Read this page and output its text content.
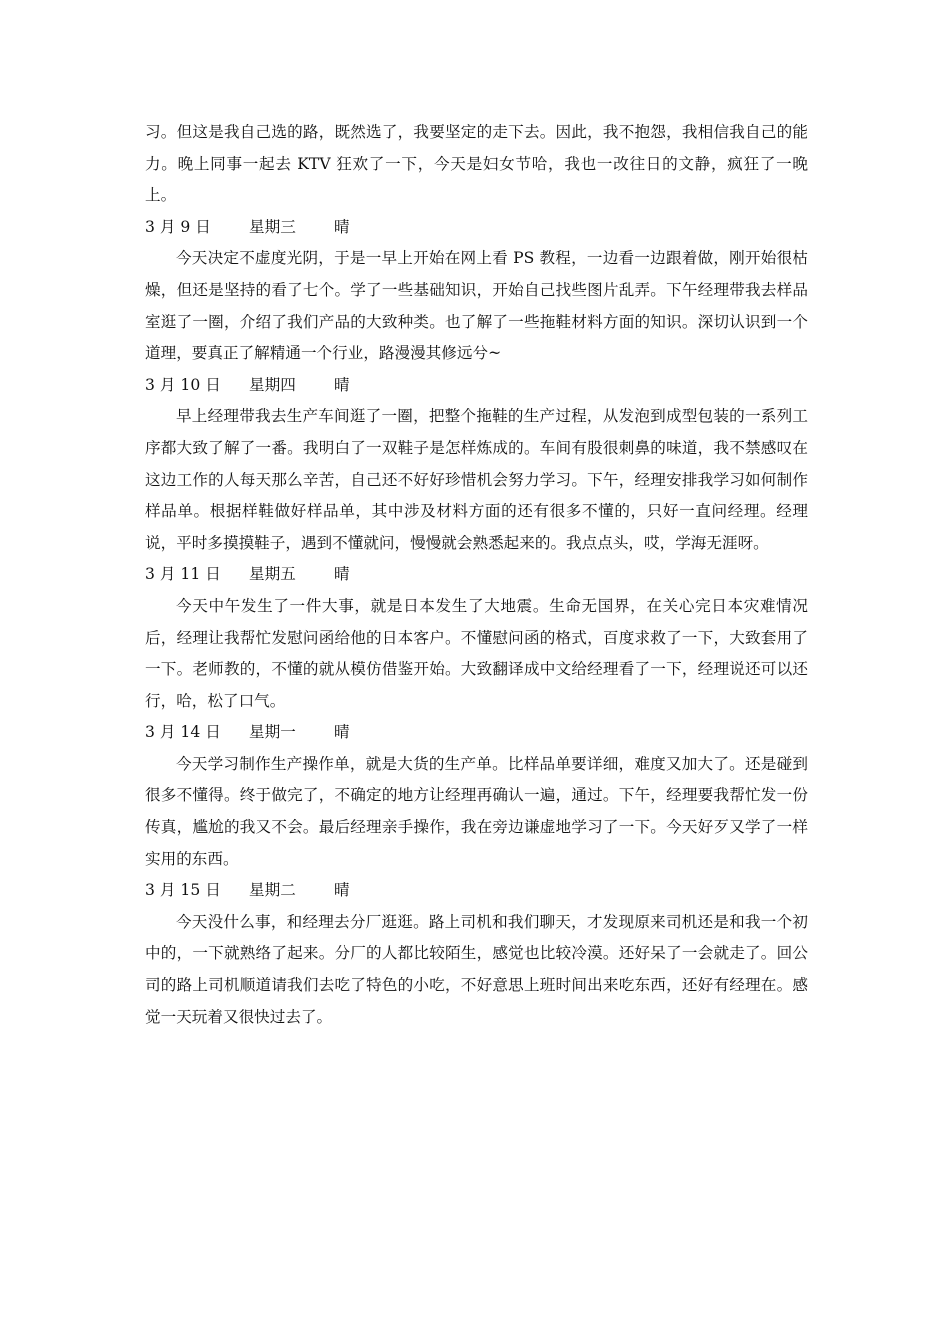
习。但这是我自己选的路，既然选了，我要坚定的走下去。因此，我不抱怨，我相信我自己的能力。晚上同事一起去 KTV 狂欢了一下，今天是妇女节哈，我也一改往日的文静，疯狂了一晚上。

3 月 9 日 星期三 晴

今天决定不虚度光阴，于是一早上开始在网上看 PS 教程，一边看一边跟着做，刚开始很枯燥，但还是坚持的看了七个。学了一些基础知识，开始自己找些图片乱弄。下午经理带我去样品室逛了一圈，介绍了我们产品的大致种类。也了解了一些拖鞋材料方面的知识。深切认识到一个道理，要真正了解精通一个行业，路漫漫其修远兮~

3 月 10 日 星期四 晴

早上经理带我去生产车间逛了一圈，把整个拖鞋的生产过程，从发泡到成型包装的一系列工序都大致了解了一番。我明白了一双鞋子是怎样炼成的。车间有股很刺鼻的味道，我不禁感叹在这边工作的人每天那么辛苦，自己还不好好珍惜机会努力学习。下午，经理安排我学习如何制作样品单。根据样鞋做好样品单，其中涉及材料方面的还有很多不懂的，只好一直问经理。经理说，平时多摸摸鞋子，遇到不懂就问，慢慢就会熟悉起来的。我点点头，哎，学海无涯呀。

3 月 11 日 星期五 晴

今天中午发生了一件大事，就是日本发生了大地震。生命无国界，在关心完日本灾难情况后，经理让我帮忙发慰问函给他的日本客户。不懂慰问函的格式，百度求救了一下，大致套用了一下。老师教的，不懂的就从模仿借鉴开始。大致翻译成中文给经理看了一下，经理说还可以还行，哈，松了口气。

3 月 14 日 星期一 晴

今天学习制作生产操作单，就是大货的生产单。比样品单要详细，难度又加大了。还是碰到很多不懂得。终于做完了，不确定的地方让经理再确认一遍，通过。下午，经理要我帮忙发一份传真，尴尬的我又不会。最后经理亲手操作，我在旁边谦虚地学习了一下。今天好歹又学了一样实用的东西。

3 月 15 日 星期二 晴

今天没什么事，和经理去分厂逛逛。路上司机和我们聊天，才发现原来司机还是和我一个初中的，一下就熟络了起来。分厂的人都比较陌生，感觉也比较冷漠。还好呆了一会就走了。回公司的路上司机顺道请我们去吃了特色的小吃，不好意思上班时间出来吃东西，还好有经理在。感觉一天玩着又很快过去了。
